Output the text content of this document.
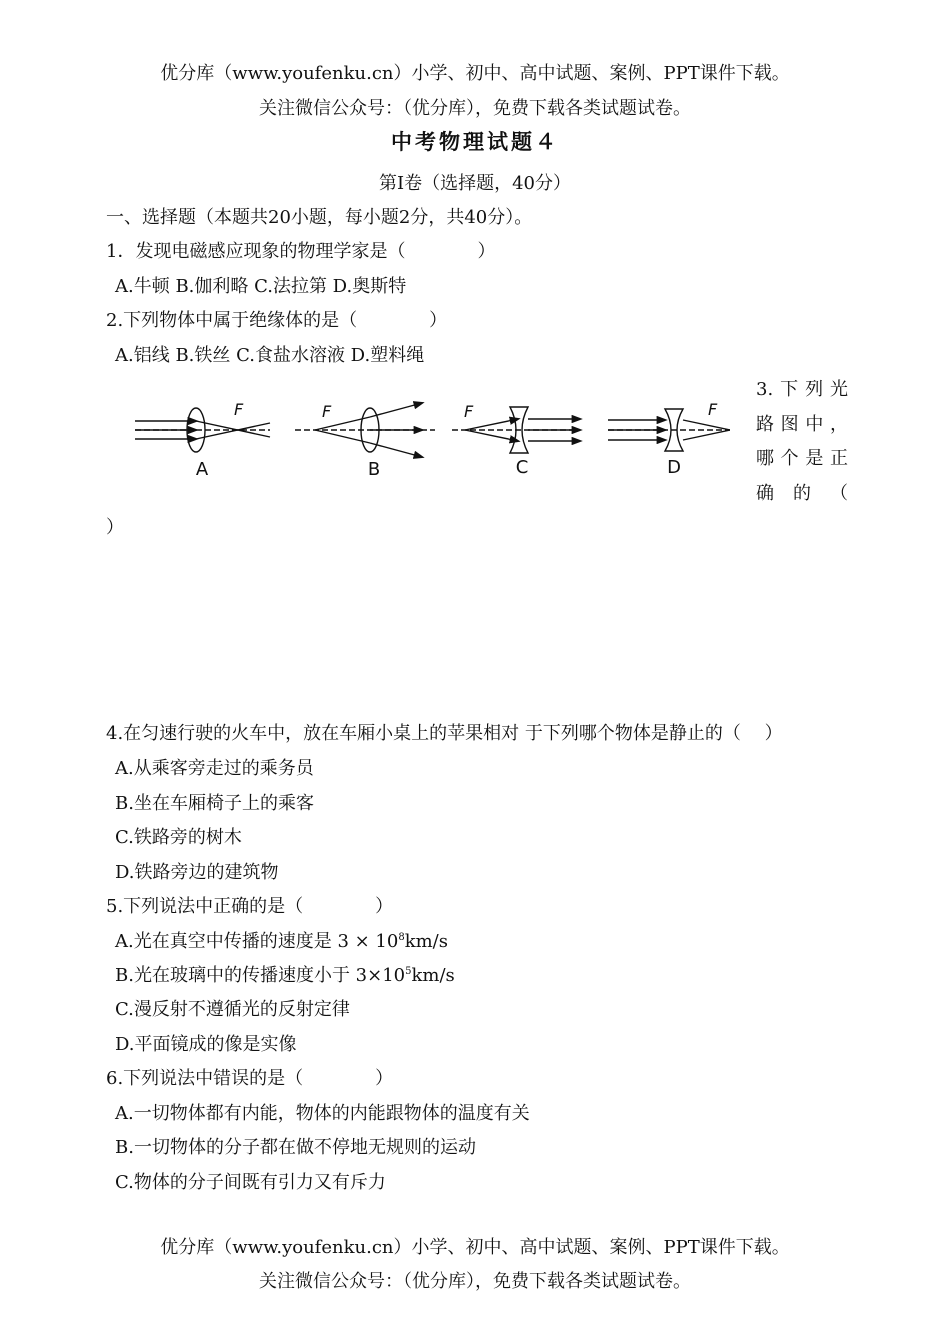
优分库（www.youfenku.cn）小学、初中、高中试题、案例、PPT课件下载。
关注微信公众号：（优分库），免费下载各类试题试卷。
中考物理试题４
第Ⅰ卷（选择题，40分）
一、选择题（本题共20小题，每小题2分，共40分）。
1．发现电磁感应现象的物理学家是（　　　　）
A.牛顿 B.伽利略 C.法拉第 D.奥斯特
2.下列物体中属于绝缘体的是（　　　　）
A.铝线 B.铁丝 C.食盐水溶液 D.塑料绳
3. 下 列 光
路 图 中 ，
哪 个 是 正
确 的 （
）
F	F	F	F
A	B	C	D
4.在匀速行驶的火车中，放在车厢小桌上的苹果相对 于下列哪个物体是静止的（　 ）
A.从乘客旁走过的乘务员
B.坐在车厢椅子上的乘客
C.铁路旁的树木
D.铁路旁边的建筑物
5.下列说法中正确的是（　　　　）
A.光在真空中传播的速度是 $3 \times 10^8km/s$
B.光在玻璃中的传播速度小于 $3\times 10^5km/s$
C.漫反射不遵循光的反射定律
D.平面镜成的像是实像
6.下列说法中错误的是（　　　　）
A.一切物体都有内能，物体的内能跟物体的温度有关
B.一切物体的分子都在做不停地无规则的运动
C.物体的分子间既有引力又有斥力
优分库（www.youfenku.cn）小学、初中、高中试题、案例、PPT课件下载。
关注微信公众号：（优分库），免费下载各类试题试卷。
